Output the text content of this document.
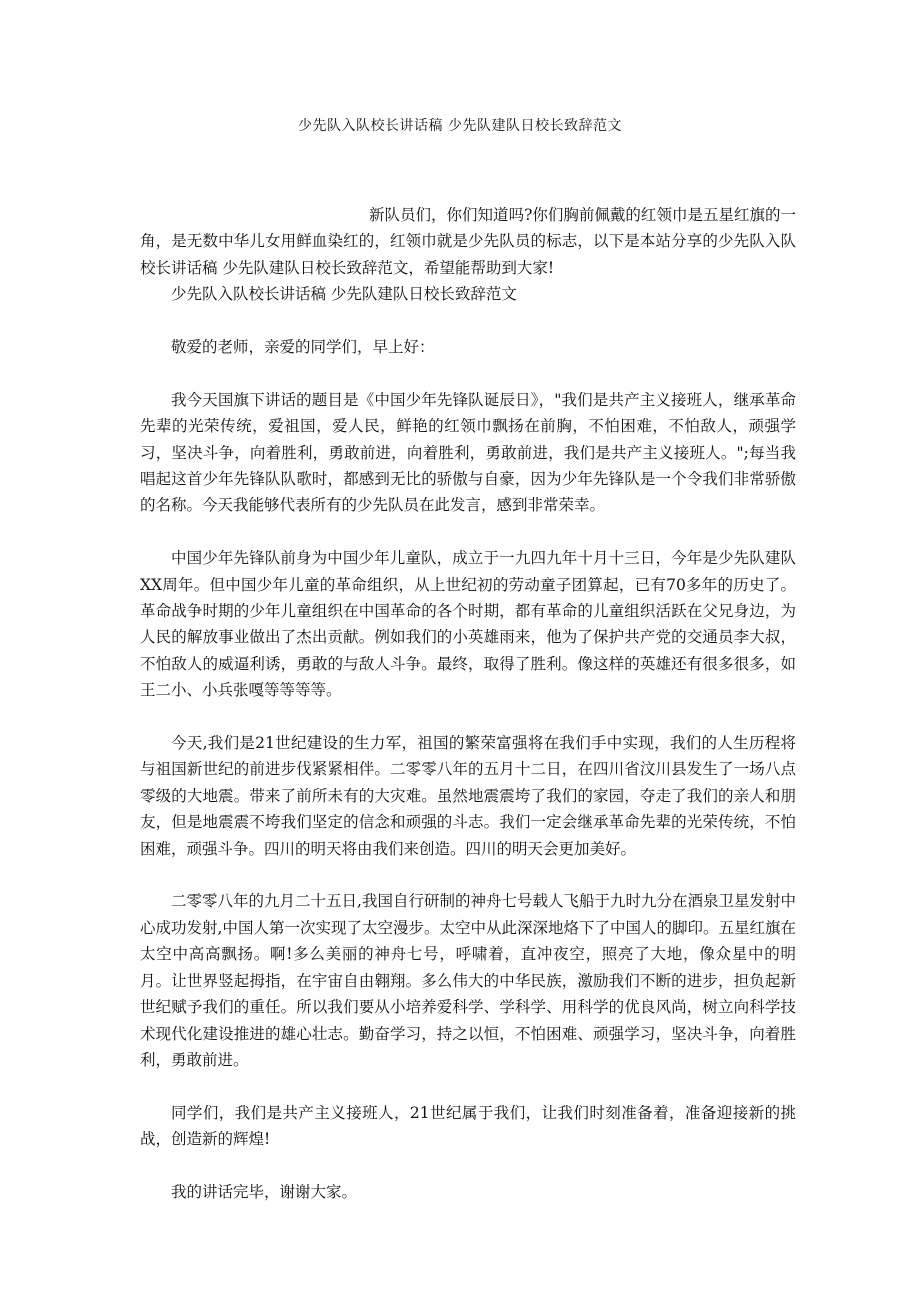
少先队入队校长讲话稿 少先队建队日校长致辞范文

新队员们，你们知道吗?你们胸前佩戴的红领巾是五星红旗的一角，是无数中华儿女用鲜血染红的，红领巾就是少先队员的标志，以下是本站分享的少先队入队校长讲话稿 少先队建队日校长致辞范文，希望能帮助到大家!

少先队入队校长讲话稿 少先队建队日校长致辞范文

敬爱的老师，亲爱的同学们，早上好：

我今天国旗下讲话的题目是《中国少年先锋队诞辰日》，"我们是共产主义接班人，继承革命先辈的光荣传统，爱祖国，爱人民，鲜艳的红领巾飘扬在前胸，不怕困难，不怕敌人，顽强学习，坚决斗争，向着胜利，勇敢前进，向着胜利，勇敢前进，我们是共产主义接班人。";每当我唱起这首少年先锋队队歌时，都感到无比的骄傲与自豪，因为少年先锋队是一个令我们非常骄傲的名称。今天我能够代表所有的少先队员在此发言，感到非常荣幸。

中国少年先锋队前身为中国少年儿童队，成立于一九四九年十月十三日，今年是少先队建队XX周年。但中国少年儿童的革命组织，从上世纪初的劳动童子团算起，已有70多年的历史了。革命战争时期的少年儿童组织在中国革命的各个时期，都有革命的儿童组织活跃在父兄身边，为人民的解放事业做出了杰出贡献。例如我们的小英雄雨来，他为了保护共产党的交通员李大叔，不怕敌人的威逼利诱，勇敢的与敌人斗争。最终，取得了胜利。像这样的英雄还有很多很多，如王二小、小兵张嘎等等等等。

今天,我们是21世纪建设的生力军，祖国的繁荣富强将在我们手中实现，我们的人生历程将与祖国新世纪的前进步伐紧紧相伴。二零零八年的五月十二日，在四川省汶川县发生了一场八点零级的大地震。带来了前所未有的大灾难。虽然地震震垮了我们的家园，夺走了我们的亲人和朋友，但是地震震不垮我们坚定的信念和顽强的斗志。我们一定会继承革命先辈的光荣传统，不怕困难，顽强斗争。四川的明天将由我们来创造。四川的明天会更加美好。

二零零八年的九月二十五日,我国自行研制的神舟七号载人飞船于九时九分在酒泉卫星发射中心成功发射,中国人第一次实现了太空漫步。太空中从此深深地烙下了中国人的脚印。五星红旗在太空中高高飘扬。啊!多么美丽的神舟七号，呼啸着，直冲夜空，照亮了大地，像众星中的明月。让世界竖起拇指，在宇宙自由翱翔。多么伟大的中华民族，激励我们不断的进步，担负起新世纪赋予我们的重任。所以我们要从小培养爱科学、学科学、用科学的优良风尚，树立向科学技术现代化建设推进的雄心壮志。勤奋学习，持之以恒，不怕困难、顽强学习，坚决斗争，向着胜利，勇敢前进。

同学们，我们是共产主义接班人，21世纪属于我们，让我们时刻准备着，准备迎接新的挑战，创造新的辉煌!

我的讲话完毕，谢谢大家。
